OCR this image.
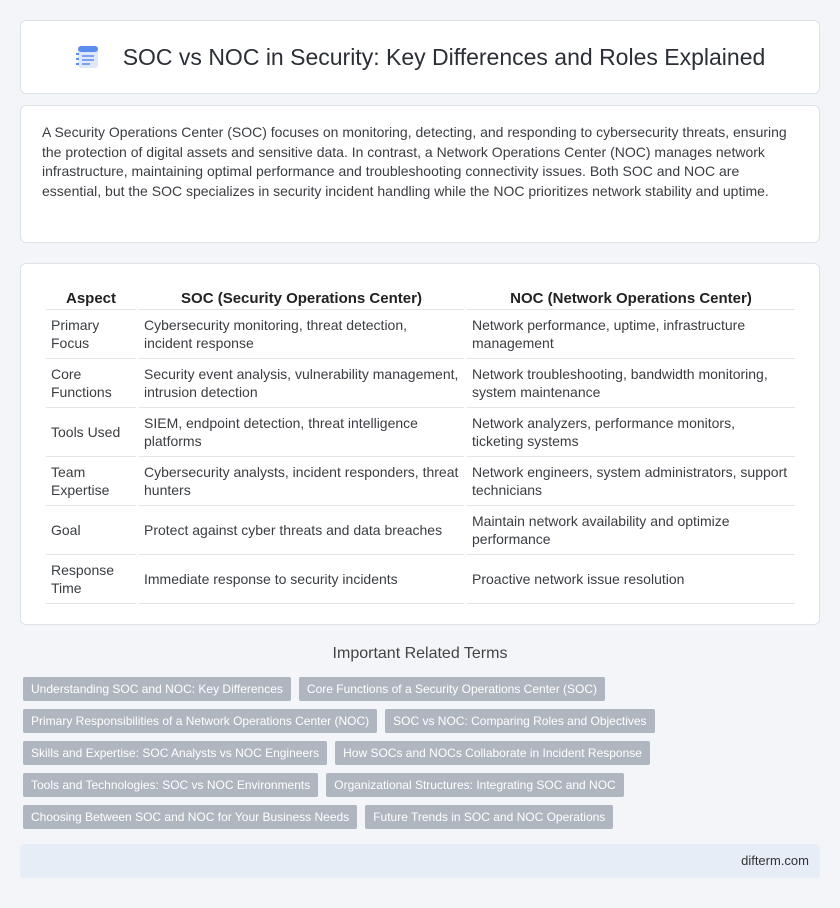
SOC vs NOC in Security: Key Differences and Roles Explained

A Security Operations Center (SOC) focuses on monitoring, detecting, and responding to cybersecurity threats, ensuring the protection of digital assets and sensitive data. In contrast, a Network Operations Center (NOC) manages network infrastructure, maintaining optimal performance and troubleshooting connectivity issues. Both SOC and NOC are essential, but the SOC specializes in security incident handling while the NOC prioritizes network stability and uptime.

Aspect	SOC (Security Operations Center)	NOC (Network Operations Center)
Primary Focus	Cybersecurity monitoring, threat detection, incident response	Network performance, uptime, infrastructure management
Core Functions	Security event analysis, vulnerability management, intrusion detection	Network troubleshooting, bandwidth monitoring, system maintenance
Tools Used	SIEM, endpoint detection, threat intelligence platforms	Network analyzers, performance monitors, ticketing systems
Team Expertise	Cybersecurity analysts, incident responders, threat hunters	Network engineers, system administrators, support technicians
Goal	Protect against cyber threats and data breaches	Maintain network availability and optimize performance
Response Time	Immediate response to security incidents	Proactive network issue resolution
Important Related Terms
Understanding SOC and NOC: Key Differences	Core Functions of a Security Operations Center (SOC)
Primary Responsibilities of a Network Operations Center (NOC)	SOC vs NOC: Comparing Roles and Objectives
Skills and Expertise: SOC Analysts vs NOC Engineers	How SOCs and NOCs Collaborate in Incident Response
Tools and Technologies: SOC vs NOC Environments	Organizational Structures: Integrating SOC and NOC
Choosing Between SOC and NOC for Your Business Needs	Future Trends in SOC and NOC Operations
difterm.com
